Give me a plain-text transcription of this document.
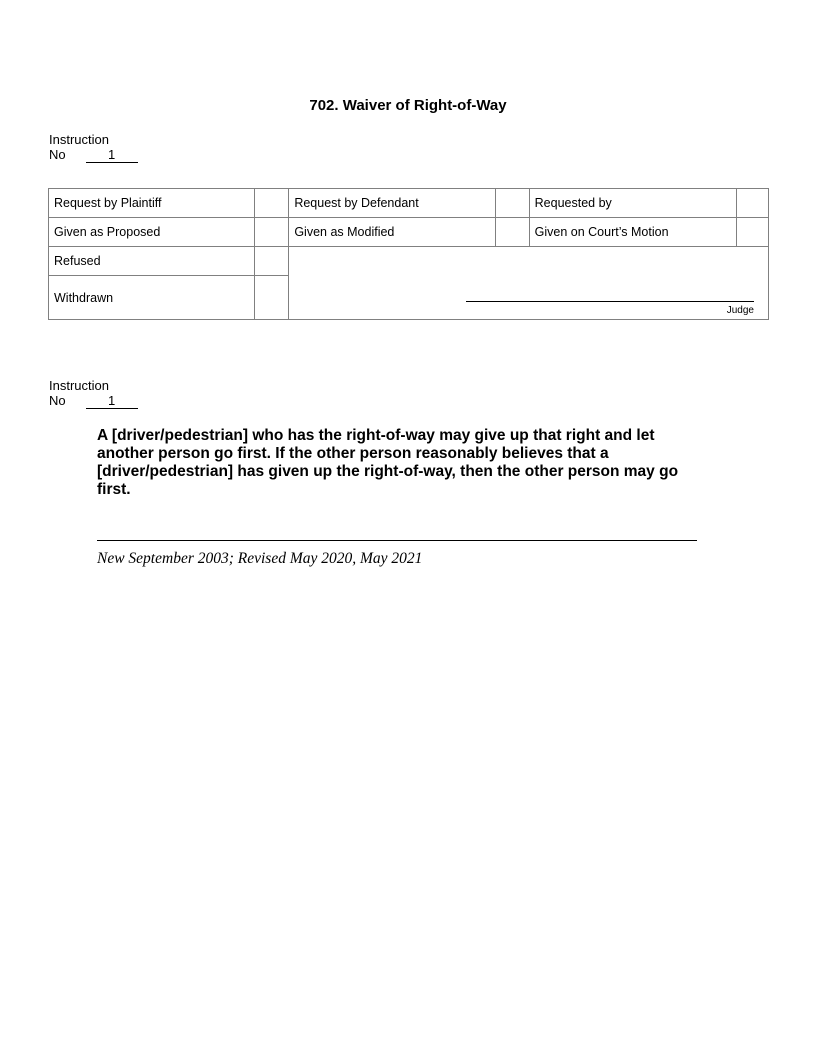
702. Waiver of Right-of-Way
Instruction
No	1
Request by Plaintiff		Request by Defendant		Requested by	
Given as Proposed		Given as Modified		Given on Court’s Motion	
Refused		Judge			

Withdrawn					
Instruction
No	1

A [driver/pedestrian] who has the right-of-way may give up that right and let another person go first. If the other person reasonably believes that a [driver/pedestrian] has given up the right-of-way, then the other person may go first.

New September 2003; Revised May 2020, May 2021
